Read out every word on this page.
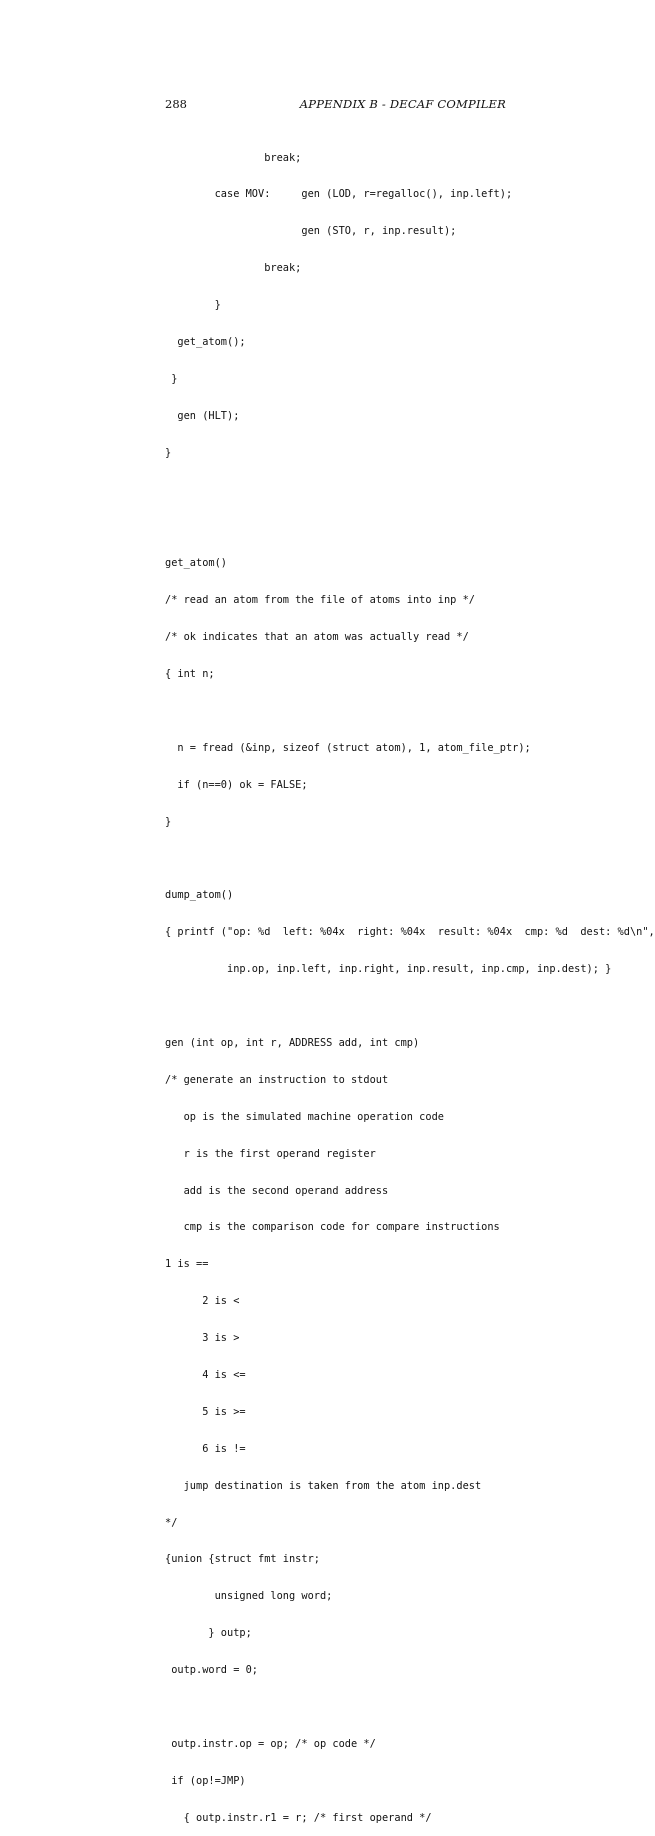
288	APPENDIX B - DECAF COMPILER

break;

case MOV:     gen (LOD, r=regalloc(), inp.left);

gen (STO, r, inp.result);

break;

}

get_atom();

}

gen (HLT);

}

get_atom()

/* read an atom from the file of atoms into inp */

/* ok indicates that an atom was actually read */

{ int n;

n = fread (&inp, sizeof (struct atom), 1, atom_file_ptr);

if (n==0) ok = FALSE;

}

dump_atom()

{ printf ("op: %d  left: %04x  right: %04x  result: %04x  cmp: %d  dest: %d\n",

inp.op, inp.left, inp.right, inp.result, inp.cmp, inp.dest); }

gen (int op, int r, ADDRESS add, int cmp)

/* generate an instruction to stdout

op is the simulated machine operation code

r is the first operand register

add is the second operand address

cmp is the comparison code for compare instructions

1 is ==

2 is <

3 is >

4 is <=

5 is >=

6 is !=

jump destination is taken from the atom inp.dest

*/

{union {struct fmt instr;

unsigned long word;

} outp;

outp.word = 0;

outp.instr.op = op; /* op code */

if (op!=JMP)

{ outp.instr.r1 = r; /* first operand */
